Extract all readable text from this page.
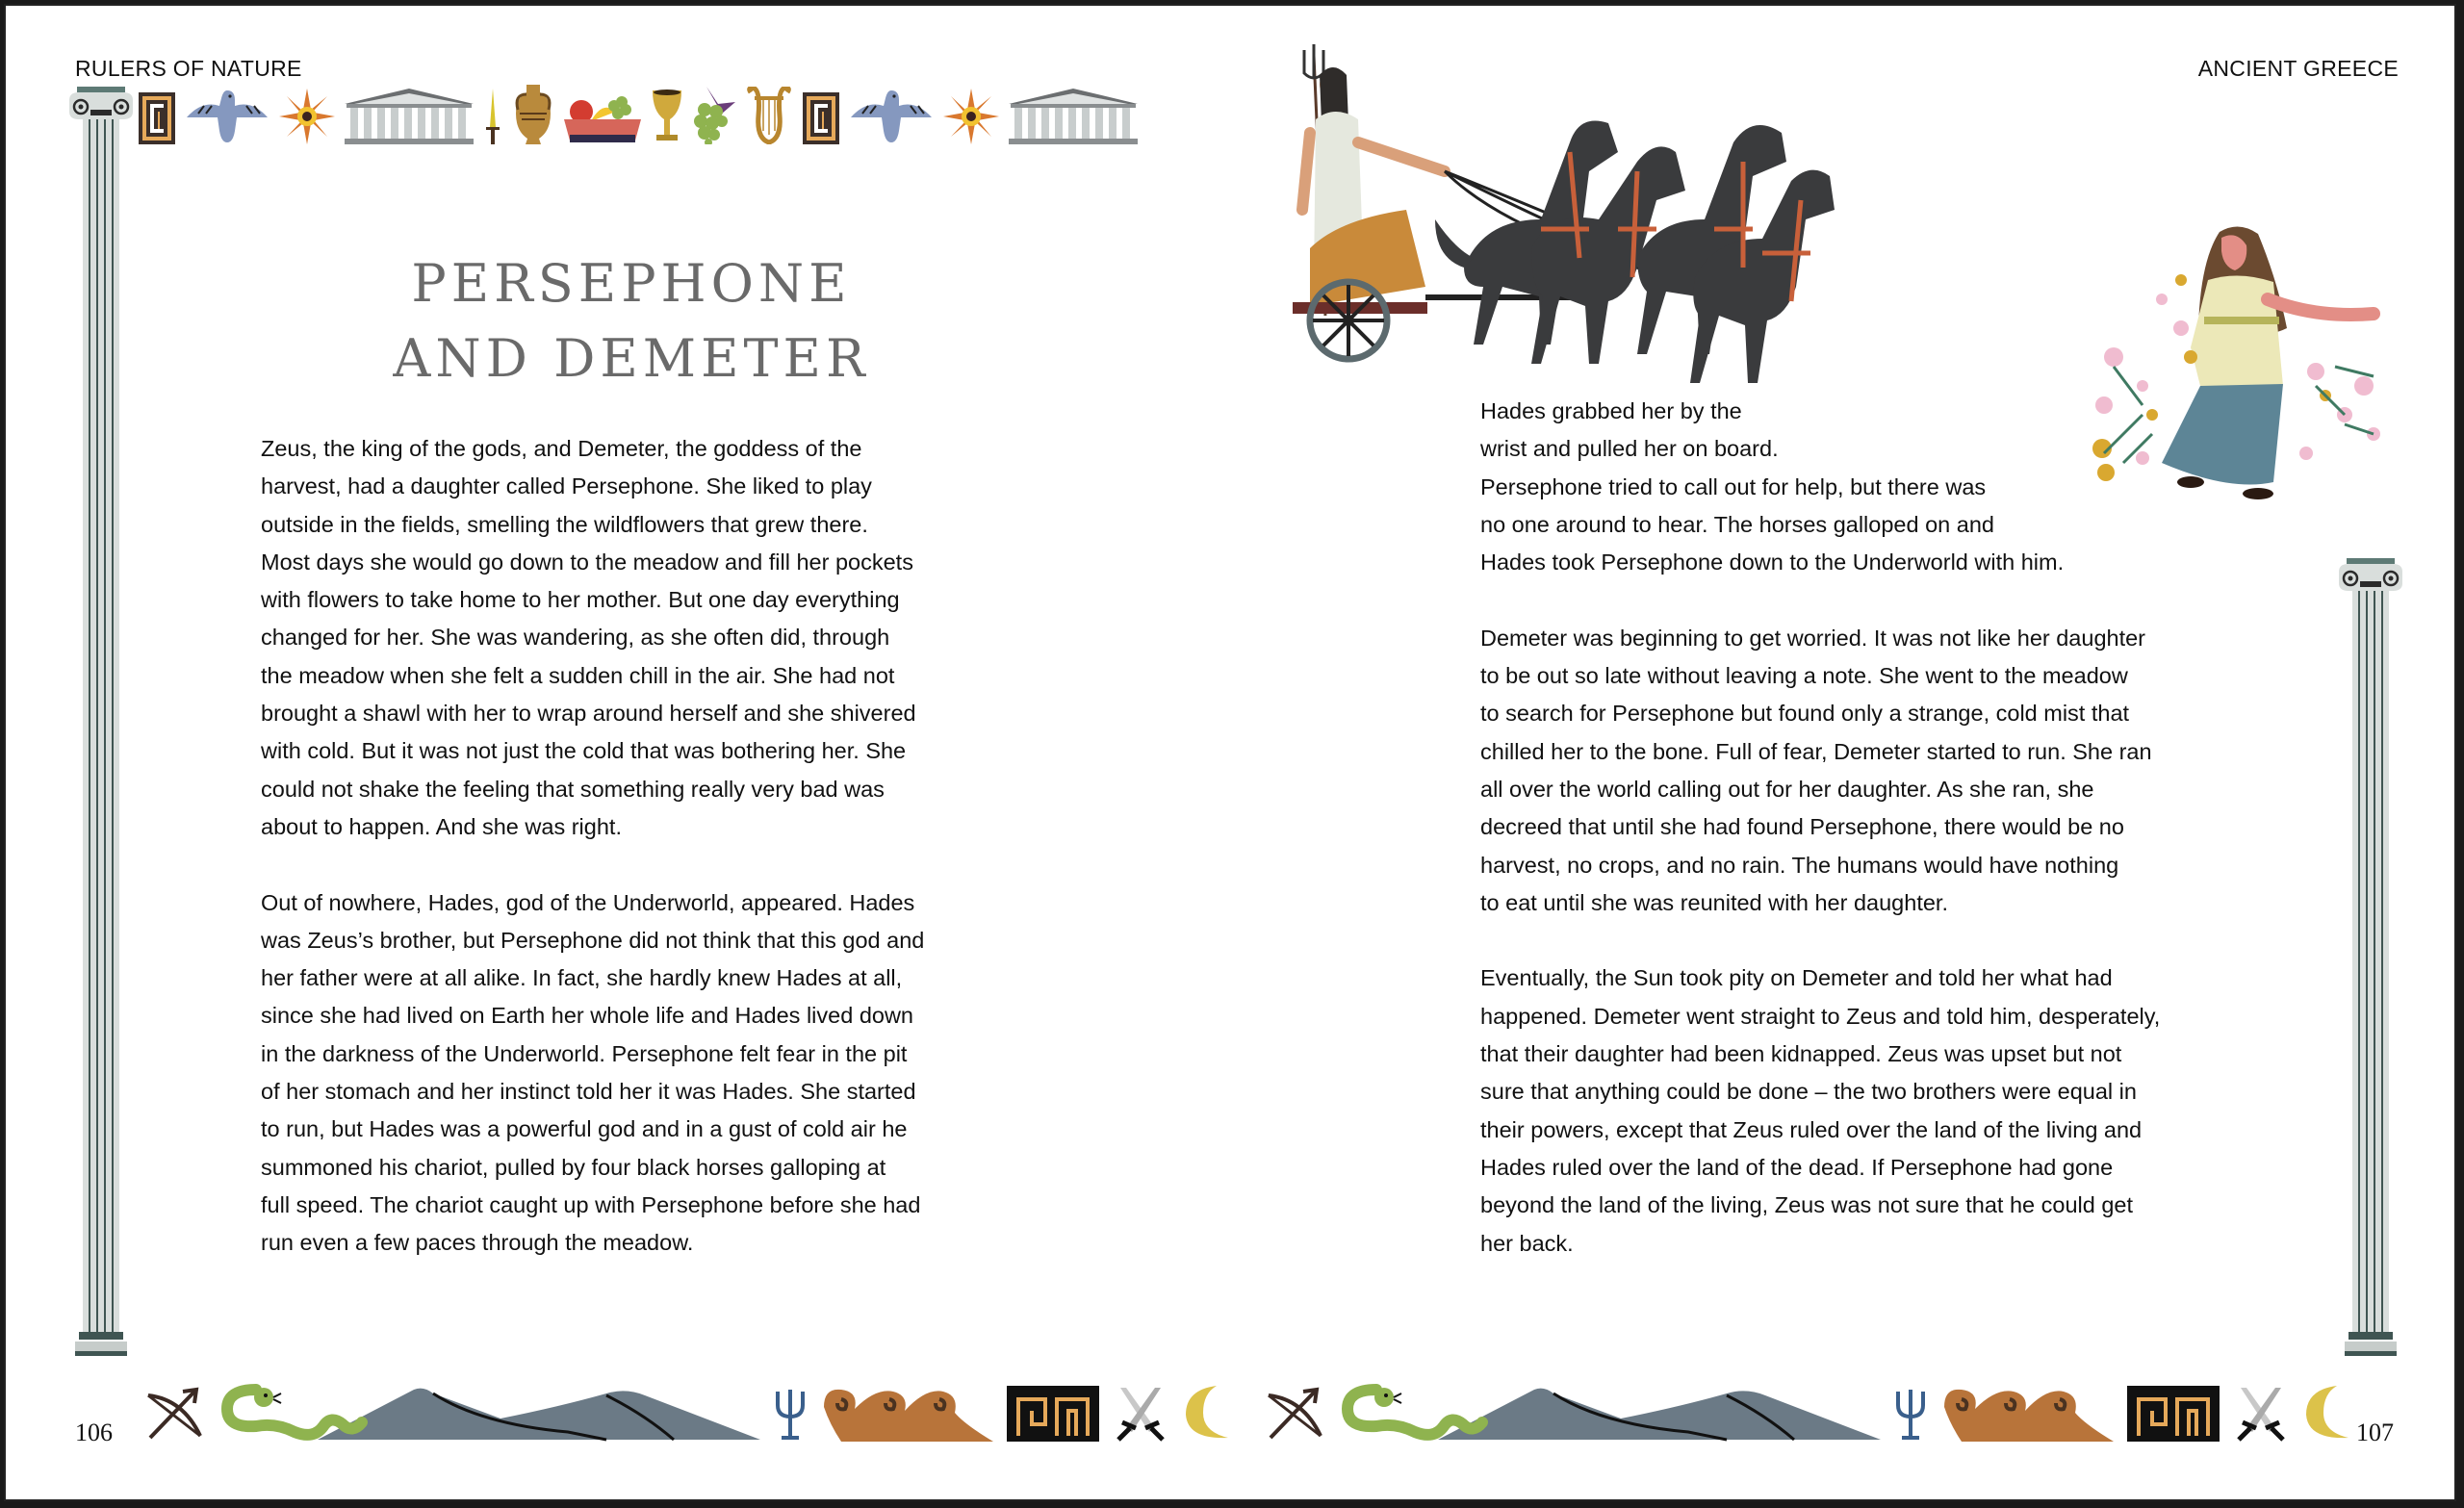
RULERS OF NATURE	ANCIENT GREECE
PERSEPHONE
AND DEMETER

Zeus, the king of the gods, and Demeter, the goddess of the
harvest, had a daughter called Persephone. She liked to play
outside in the fields, smelling the wildflowers that grew there.
Most days she would go down to the meadow and fill her pockets
with flowers to take home to her mother. But one day everything
changed for her. She was wandering, as she often did, through
the meadow when she felt a sudden chill in the air. She had not
brought a shawl with her to wrap around herself and she shivered
with cold. But it was not just the cold that was bothering her. She
could not shake the feeling that something really very bad was
about to happen. And she was right.

Out of nowhere, Hades, god of the Underworld, appeared. Hades
was Zeus’s brother, but Persephone did not think that this god and
her father were at all alike. In fact, she hardly knew Hades at all,
since she had lived on Earth her whole life and Hades lived down
in the darkness of the Underworld. Persephone felt fear in the pit
of her stomach and her instinct told her it was Hades. She started
to run, but Hades was a powerful god and in a gust of cold air he
summoned his chariot, pulled by four black horses galloping at
full speed. The chariot caught up with Persephone before she had
run even a few paces through the meadow.

Hades grabbed her by the
wrist and pulled her on board.
Persephone tried to call out for help, but there was
no one around to hear. The horses galloped on and
Hades took Persephone down to the Underworld with him.

Demeter was beginning to get worried. It was not like her daughter
to be out so late without leaving a note. She went to the meadow
to search for Persephone but found only a strange, cold mist that
chilled her to the bone. Full of fear, Demeter started to run. She ran
all over the world calling out for her daughter. As she ran, she
decreed that until she had found Persephone, there would be no
harvest, no crops, and no rain. The humans would have nothing
to eat until she was reunited with her daughter.

Eventually, the Sun took pity on Demeter and told her what had
happened. Demeter went straight to Zeus and told him, desperately,
that their daughter had been kidnapped. Zeus was upset but not
sure that anything could be done – the two brothers were equal in
their powers, except that Zeus ruled over the land of the living and
Hades ruled over the land of the dead. If Persephone had gone
beyond the land of the living, Zeus was not sure that he could get
her back.

106	107
